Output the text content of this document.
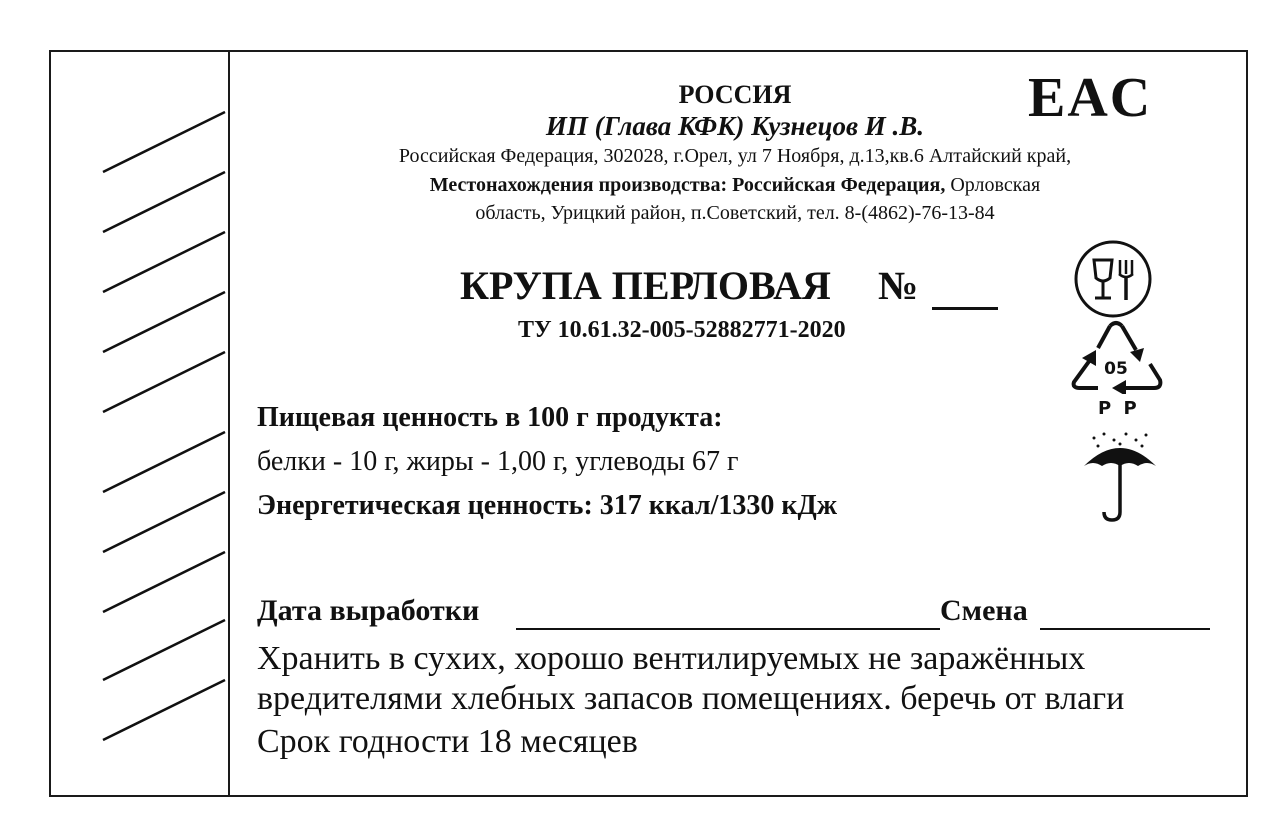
РОССИЯ
ИП (Глава КФК) Кузнецов И .В.
Российская Федерация, 302028, г.Орел, ул 7 Ноября, д.13,кв.6 Алтайский край,
Местонахождения производства: Российская Федерация, Орловская
область, Урицкий район, п.Советский, тел. 8-(4862)-76-13-84
EAC
КРУПА ПЕРЛОВАЯ №
ТУ 10.61.32-005-52882771-2020
Пищевая ценность в 100 г продукта:
белки - 10 г, жиры - 1,00 г, углеводы 67 г
Энергетическая ценность: 317 ккал/1330 кДж
Дата выработки	Смена
Хранить в сухих, хорошо вентилируемых не заражённых
вредителями хлебных запасов помещениях. беречь от влаги
Срок годности 18 месяцев
05
P P
